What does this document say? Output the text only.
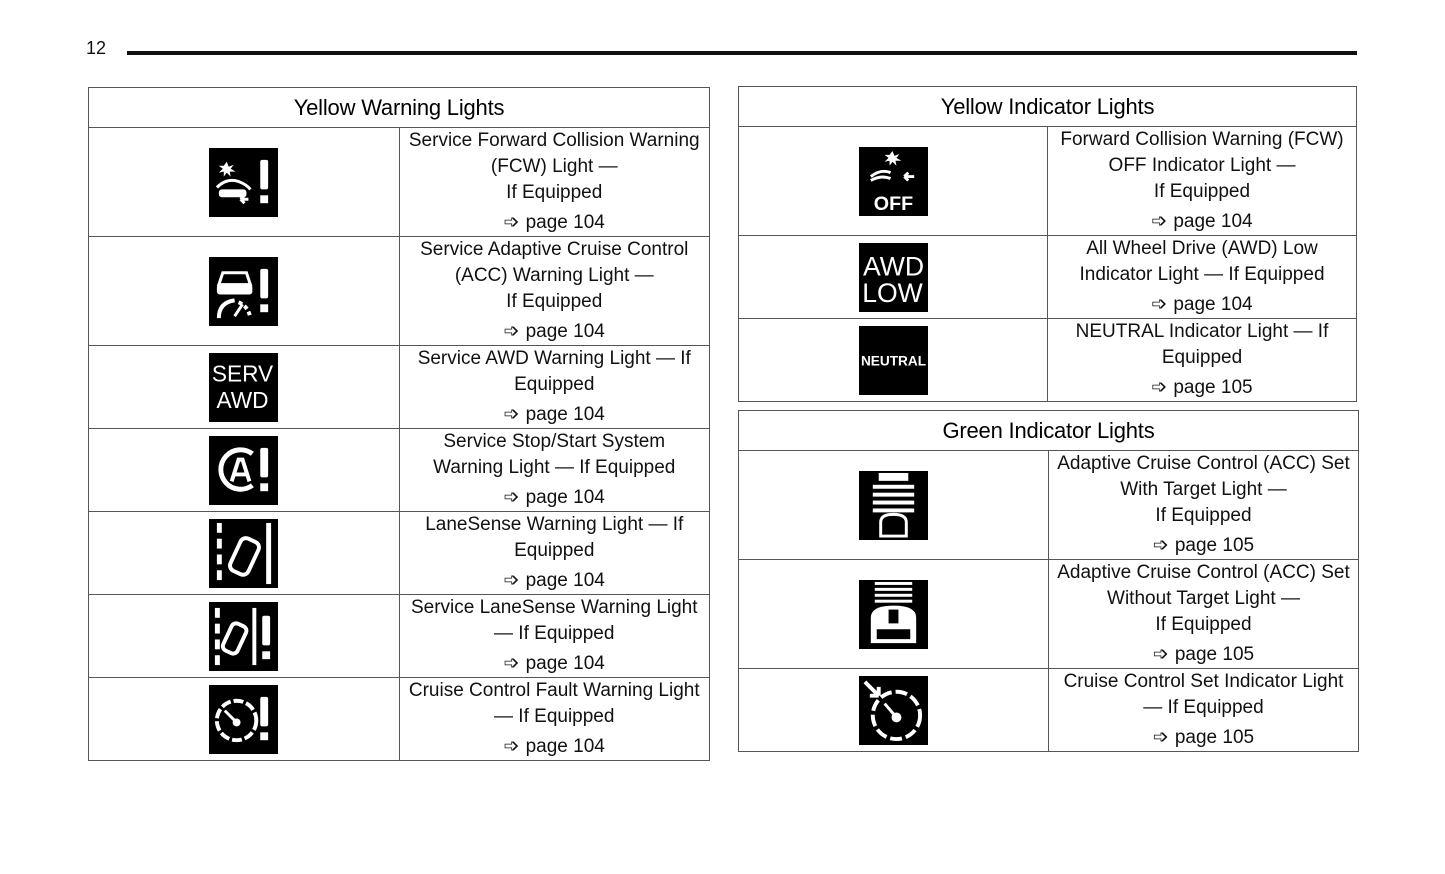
12
Yellow Warning Lights	

Service Forward Collision Warning (FCW) Light —
If Equipped
➩ page 104

Service Adaptive Cruise Control (ACC) Warning Light —
If Equipped
➩ page 104

SERV
AWD	Service AWD Warning Light — If Equipped
➩ page 104

Service Stop/Start System Warning Light — If Equipped
➩ page 104

LaneSense Warning Light — If Equipped
➩ page 104

Service LaneSense Warning Light — If Equipped
➩ page 104

Cruise Control Fault Warning Light — If Equipped
➩ page 104
Yellow Indicator Lights	

OFF	Forward Collision Warning (FCW) OFF Indicator Light —
If Equipped
➩ page 104

AWD
LOW	All Wheel Drive (AWD) Low Indicator Light — If Equipped
➩ page 104

NEUTRAL	NEUTRAL Indicator Light — If Equipped
➩ page 105
Green Indicator Lights	

Adaptive Cruise Control (ACC) Set With Target Light —
If Equipped
➩ page 105

Adaptive Cruise Control (ACC) Set Without Target Light —
If Equipped
➩ page 105

Cruise Control Set Indicator Light — If Equipped
➩ page 105
